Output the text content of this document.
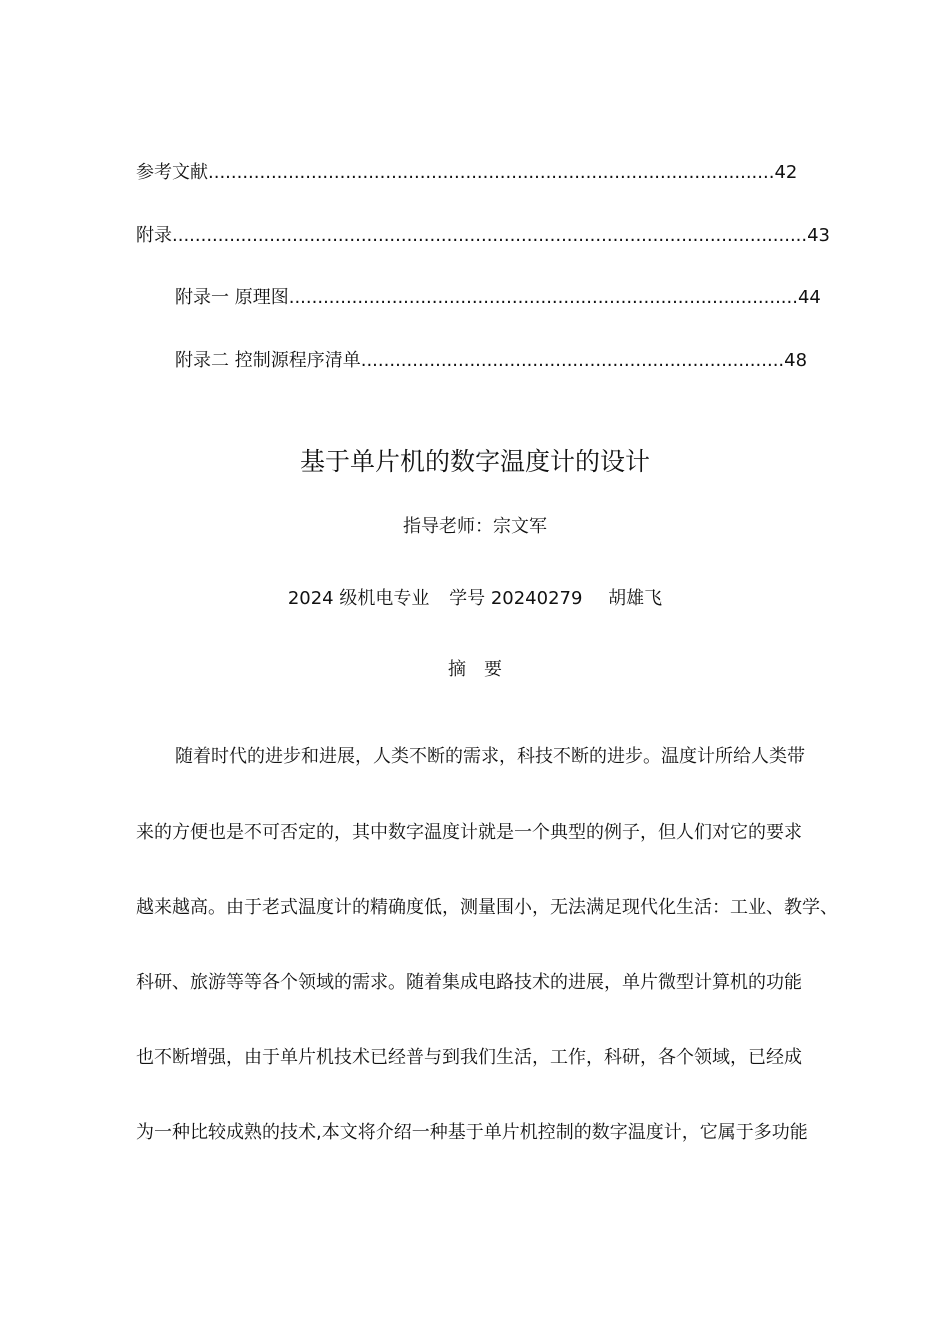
参考文献...................................................................................................42
附录...............................................................................................................43
附录一 原理图.........................................................................................44
附录二 控制源程序清单..........................................................................48
基于单片机的数字温度计的设计
指导老师：宗文军
2024 级机电专业 学号 20240279 胡雄飞
摘　要
随着时代的进步和进展，人类不断的需求，科技不断的进步。温度计所给人类带
来的方便也是不可否定的，其中数字温度计就是一个典型的例子，但人们对它的要求
越来越高。由于老式温度计的精确度低，测量围小，无法满足现代化生活：工业、教学、
科研、旅游等等各个领域的需求。随着集成电路技术的进展，单片微型计算机的功能
也不断增强，由于单片机技术已经普与到我们生活，工作，科研，各个领域，已经成
为一种比较成熟的技术,本文将介绍一种基于单片机控制的数字温度计，它属于多功能
